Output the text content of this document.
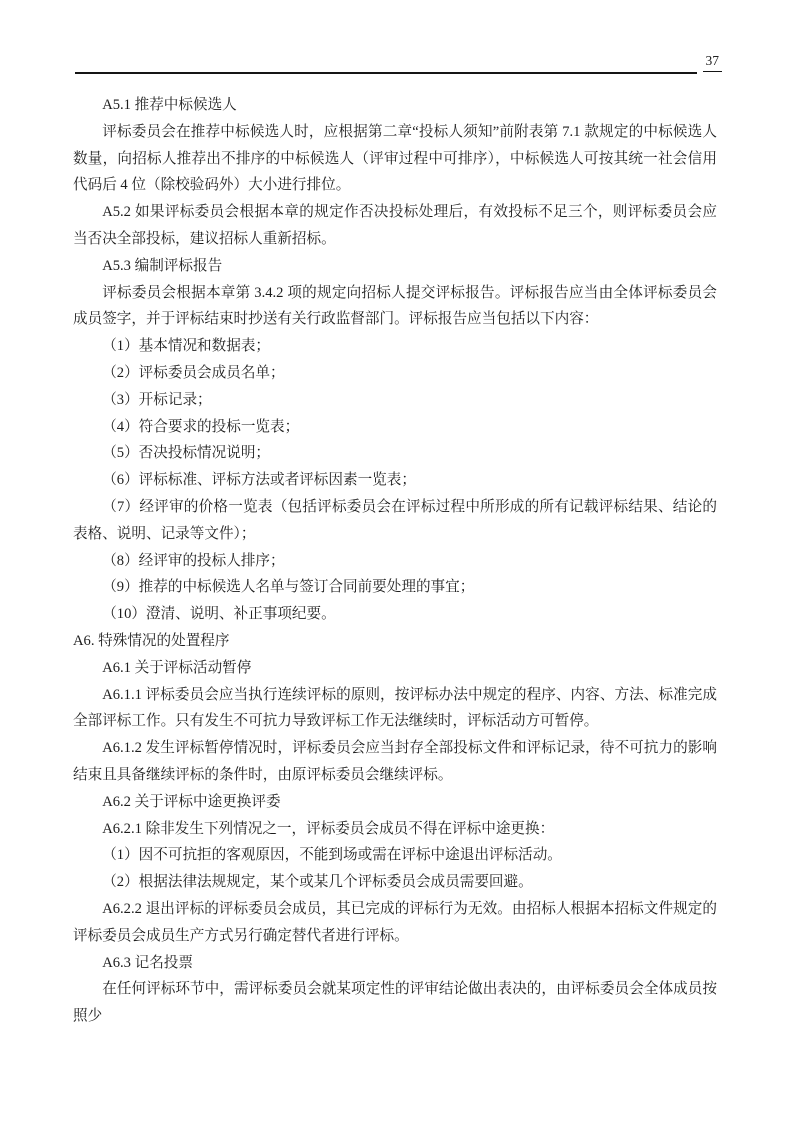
37

A5.1 推荐中标候选人

评标委员会在推荐中标候选人时，应根据第二章“投标人须知”前附表第 7.1 款规定的中标候选人数量，向招标人推荐出不排序的中标候选人（评审过程中可排序），中标候选人可按其统一社会信用代码后 4 位（除校验码外）大小进行排位。

A5.2 如果评标委员会根据本章的规定作否决投标处理后，有效投标不足三个，则评标委员会应当否决全部投标，建议招标人重新招标。

A5.3 编制评标报告

评标委员会根据本章第 3.4.2 项的规定向招标人提交评标报告。评标报告应当由全体评标委员会成员签字，并于评标结束时抄送有关行政监督部门。评标报告应当包括以下内容：

（1）基本情况和数据表；

（2）评标委员会成员名单；

（3）开标记录；

（4）符合要求的投标一览表；

（5）否决投标情况说明；

（6）评标标准、评标方法或者评标因素一览表；

（7）经评审的价格一览表（包括评标委员会在评标过程中所形成的所有记载评标结果、结论的表格、说明、记录等文件）；

（8）经评审的投标人排序；

（9）推荐的中标候选人名单与签订合同前要处理的事宜；

（10）澄清、说明、补正事项纪要。

A6. 特殊情况的处置程序

A6.1 关于评标活动暂停

A6.1.1 评标委员会应当执行连续评标的原则，按评标办法中规定的程序、内容、方法、标准完成全部评标工作。只有发生不可抗力导致评标工作无法继续时，评标活动方可暂停。

A6.1.2 发生评标暂停情况时，评标委员会应当封存全部投标文件和评标记录，待不可抗力的影响结束且具备继续评标的条件时，由原评标委员会继续评标。

A6.2 关于评标中途更换评委

A6.2.1 除非发生下列情况之一，评标委员会成员不得在评标中途更换：

（1）因不可抗拒的客观原因，不能到场或需在评标中途退出评标活动。

（2）根据法律法规规定，某个或某几个评标委员会成员需要回避。

A6.2.2 退出评标的评标委员会成员，其已完成的评标行为无效。由招标人根据本招标文件规定的评标委员会成员生产方式另行确定替代者进行评标。

A6.3 记名投票

在任何评标环节中，需评标委员会就某项定性的评审结论做出表决的，由评标委员会全体成员按照少
